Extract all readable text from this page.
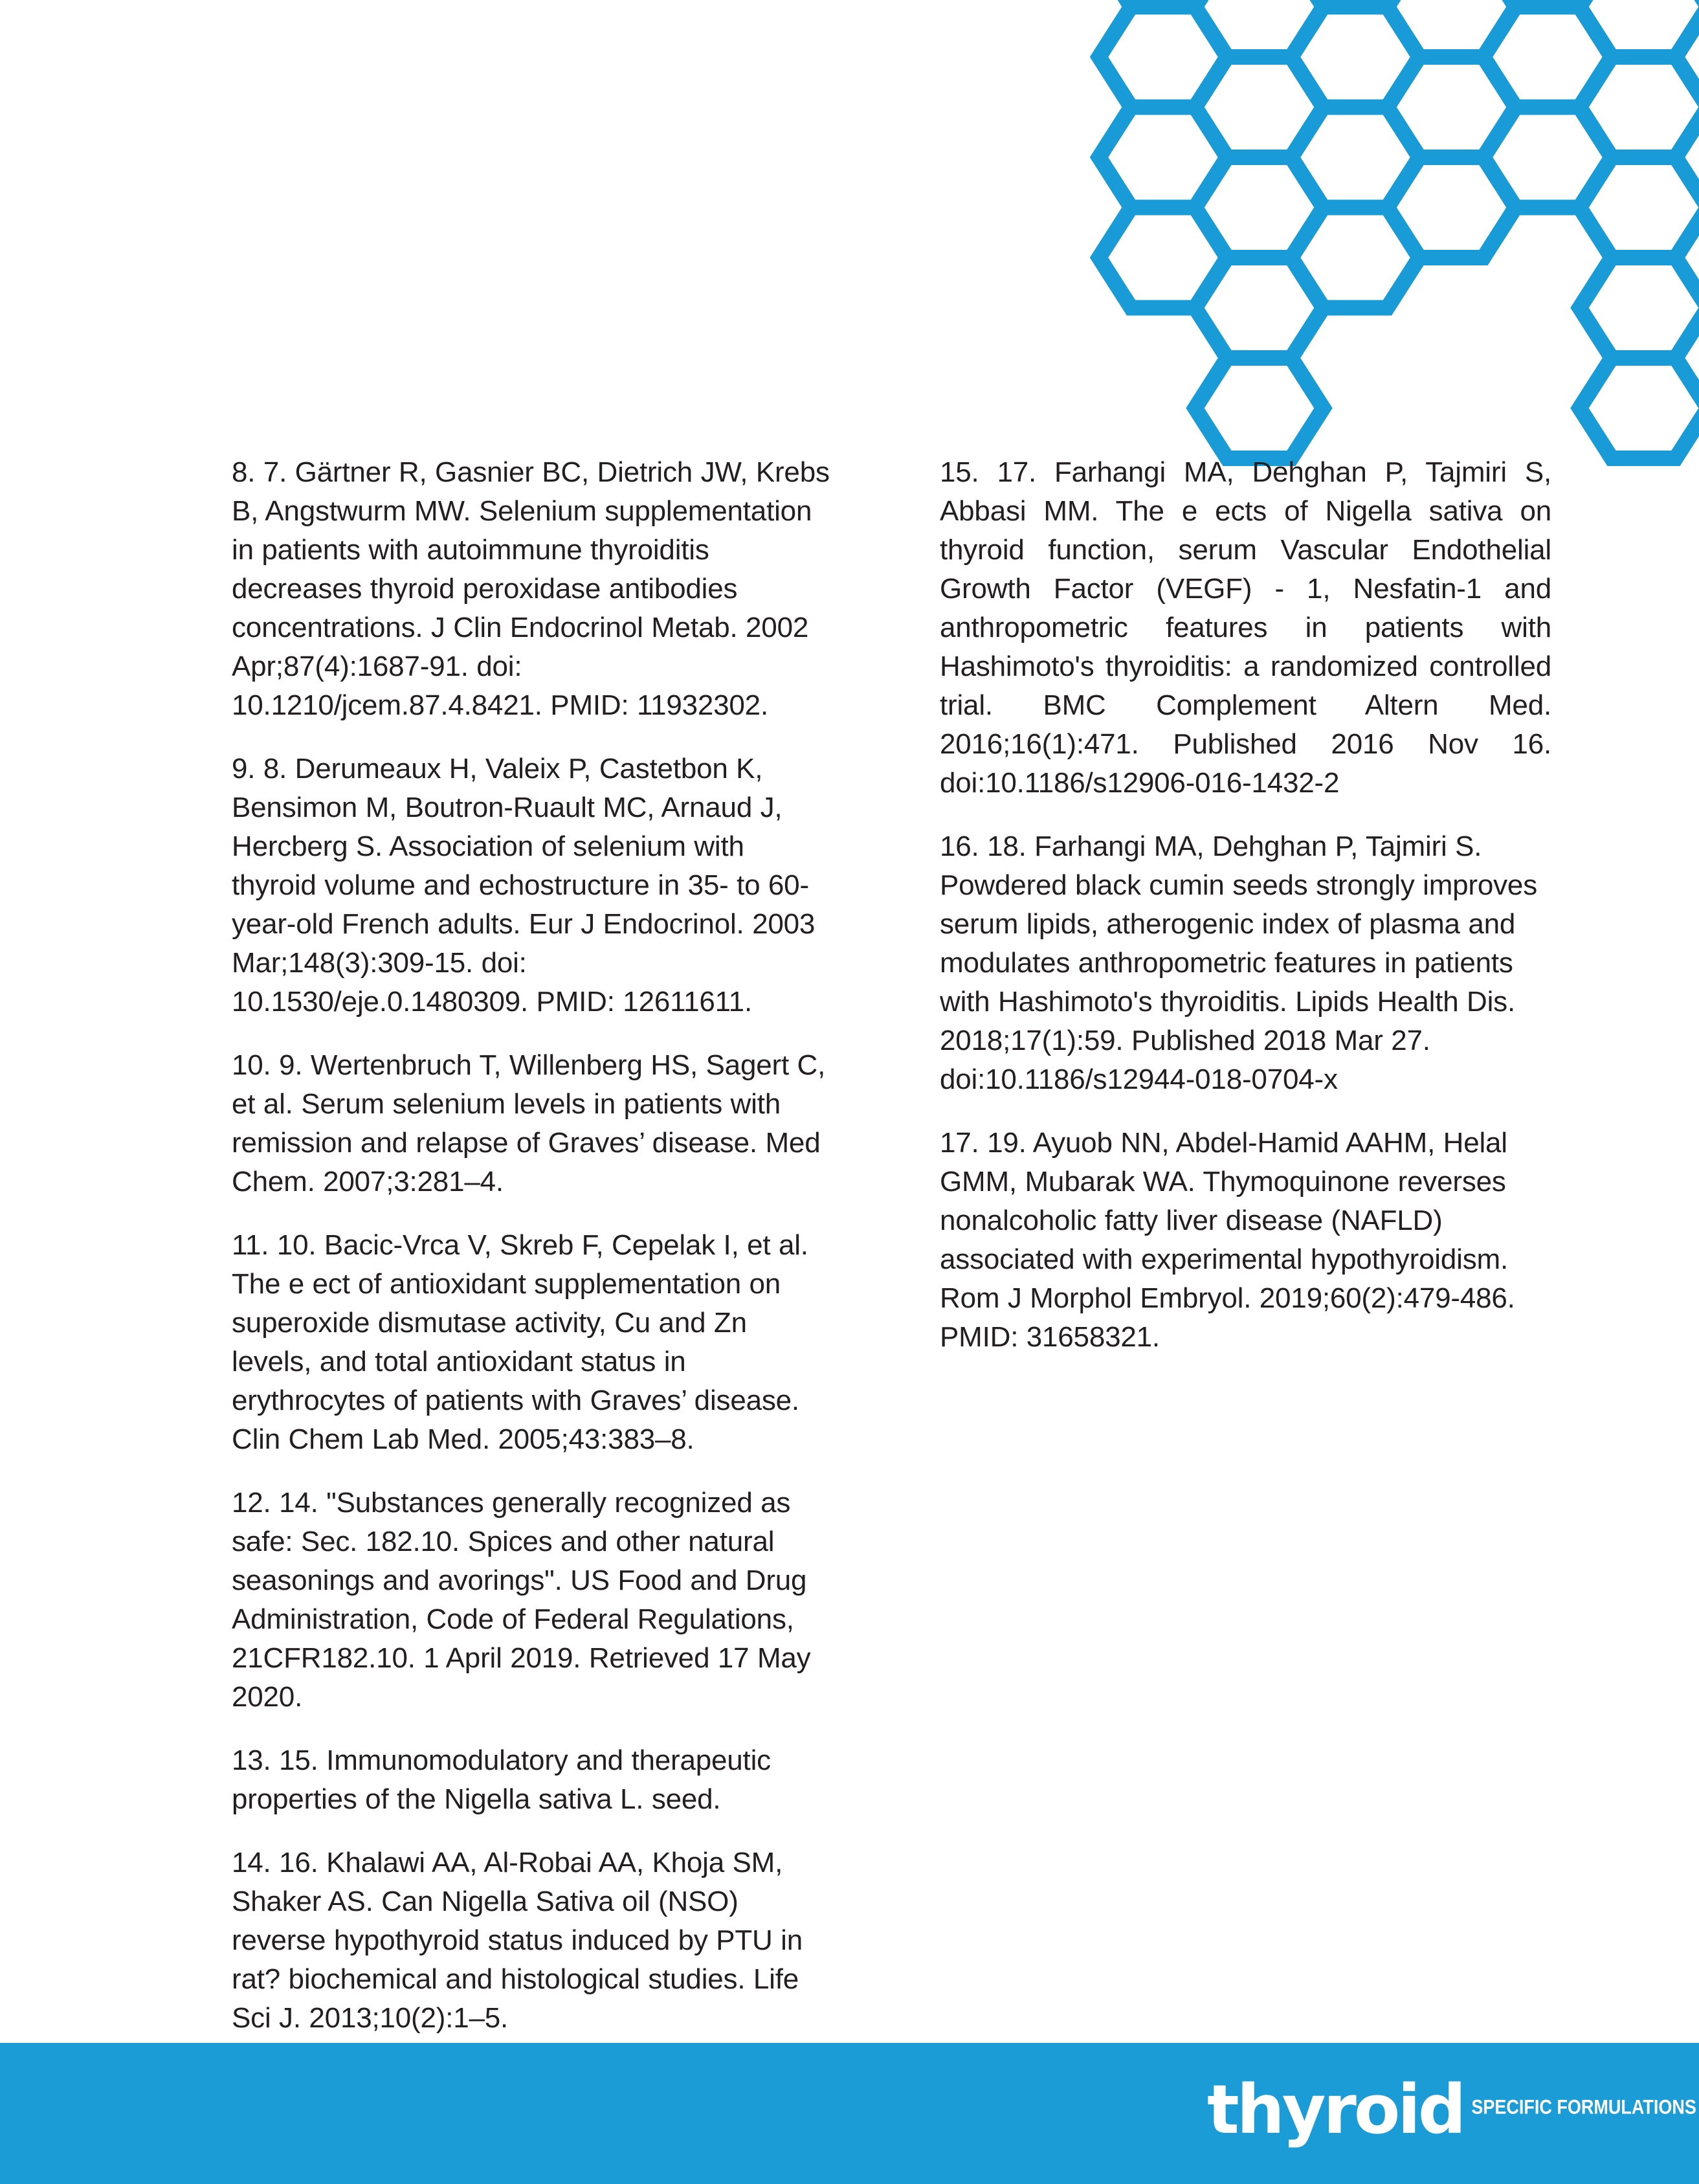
8. 7. Gärtner R, Gasnier BC, Dietrich JW, Krebs B, Angstwurm MW. Selenium supplementation in patients with autoimmune thyroiditis decreases thyroid peroxidase antibodies concentrations. J Clin Endocrinol Metab. 2002 Apr;87(4):1687-91. doi: 10.1210/jcem.87.4.8421. PMID: 11932302.

9. 8. Derumeaux H, Valeix P, Castetbon K, Bensimon M, Boutron-Ruault MC, Arnaud J, Hercberg S. Association of selenium with thyroid volume and echostructure in 35- to 60-year-old French adults. Eur J Endocrinol. 2003 Mar;148(3):309-15. doi: 10.1530/eje.0.1480309. PMID: 12611611.

10. 9. Wertenbruch T, Willenberg HS, Sagert C, et al. Serum selenium levels in patients with remission and relapse of Graves’ disease. Med Chem. 2007;3:281–4.

11. 10. Bacic-Vrca V, Skreb F, Cepelak I, et al. The e ect of antioxidant supplementation on superoxide dismutase activity, Cu and Zn levels, and total antioxidant status in erythrocytes of patients with Graves’ disease. Clin Chem Lab Med. 2005;43:383–8.

12. 14. "Substances generally recognized as safe: Sec. 182.10. Spices and other natural seasonings and avorings". US Food and Drug Administration, Code of Federal Regulations, 21CFR182.10. 1 April 2019. Retrieved 17 May 2020.

13. 15. Immunomodulatory and therapeutic properties of the Nigella sativa L. seed.

14. 16. Khalawi AA, Al-Robai AA, Khoja SM, Shaker AS. Can Nigella Sativa oil (NSO) reverse hypothyroid status induced by PTU in rat? biochemical and histological studies. Life Sci J. 2013;10(2):1–5.

15. 17. Farhangi MA, Dehghan P, Tajmiri S, Abbasi MM. The e ects of Nigella sativa on thyroid function, serum Vascular Endothelial Growth Factor (VEGF) - 1, Nesfatin-1 and anthropometric features in patients with Hashimoto's thyroiditis: a randomized controlled trial. BMC Complement Altern Med. 2016;16(1):471. Published 2016 Nov 16. doi:10.1186/s12906-016-1432-2

16. 18. Farhangi MA, Dehghan P, Tajmiri S. Powdered black cumin seeds strongly improves serum lipids, atherogenic index of plasma and modulates anthropometric features in patients with Hashimoto's thyroiditis. Lipids Health Dis. 2018;17(1):59. Published 2018 Mar 27. doi:10.1186/s12944-018-0704-x

17. 19. Ayuob NN, Abdel-Hamid AAHM, Helal GMM, Mubarak WA. Thymoquinone reverses nonalcoholic fatty liver disease (NAFLD) associated with experimental hypothyroidism. Rom J Morphol Embryol. 2019;60(2):479-486. PMID: 31658321.

thyroid SPECIFIC FORMULATIONS
